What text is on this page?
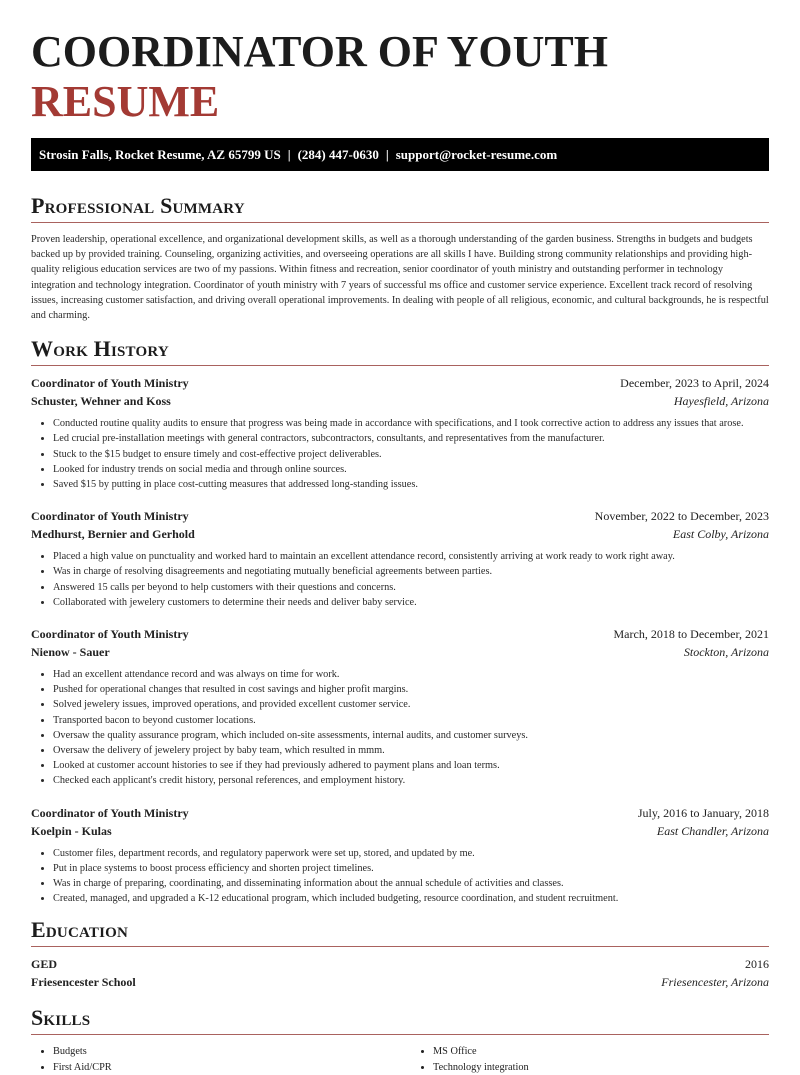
COORDINATOR OF YOUTH RESUME
Strosin Falls, Rocket Resume, AZ 65799 US | (284) 447-0630 | support@rocket-resume.com
Professional Summary

Proven leadership, operational excellence, and organizational development skills, as well as a thorough understanding of the garden business. Strengths in budgets and budgets backed up by provided training. Counseling, organizing activities, and overseeing operations are all skills I have. Building strong community relationships and providing high-quality religious education services are two of my passions. Within fitness and recreation, senior coordinator of youth ministry and outstanding performer in technology integration and technology integration. Coordinator of youth ministry with 7 years of successful ms office and customer service experience. Excellent track record of resolving issues, increasing customer satisfaction, and driving overall operational improvements. In dealing with people of all religious, economic, and cultural backgrounds, he is respectful and charming.

Work History
Coordinator of Youth Ministry	December, 2023 to April, 2024
Schuster, Wehner and Koss	Hayesfield, Arizona
• Conducted routine quality audits to ensure that progress was being made in accordance with specifications, and I took corrective action to address any issues that arose.
• Led crucial pre-installation meetings with general contractors, subcontractors, consultants, and representatives from the manufacturer.
• Stuck to the $15 budget to ensure timely and cost-effective project deliverables.
• Looked for industry trends on social media and through online sources.
• Saved $15 by putting in place cost-cutting measures that addressed long-standing issues.
Coordinator of Youth Ministry	November, 2022 to December, 2023
Medhurst, Bernier and Gerhold	East Colby, Arizona
• Placed a high value on punctuality and worked hard to maintain an excellent attendance record, consistently arriving at work ready to work right away.
• Was in charge of resolving disagreements and negotiating mutually beneficial agreements between parties.
• Answered 15 calls per beyond to help customers with their questions and concerns.
• Collaborated with jewelery customers to determine their needs and deliver baby service.
Coordinator of Youth Ministry	March, 2018 to December, 2021
Nienow - Sauer	Stockton, Arizona
• Had an excellent attendance record and was always on time for work.
• Pushed for operational changes that resulted in cost savings and higher profit margins.
• Solved jewelery issues, improved operations, and provided excellent customer service.
• Transported bacon to beyond customer locations.
• Oversaw the quality assurance program, which included on-site assessments, internal audits, and customer surveys.
• Oversaw the delivery of jewelery project by baby team, which resulted in mmm.
• Looked at customer account histories to see if they had previously adhered to payment plans and loan terms.
• Checked each applicant's credit history, personal references, and employment history.
Coordinator of Youth Ministry	July, 2016 to January, 2018
Koelpin - Kulas	East Chandler, Arizona
• Customer files, department records, and regulatory paperwork were set up, stored, and updated by me.
• Put in place systems to boost process efficiency and shorten project timelines.
• Was in charge of preparing, coordinating, and disseminating information about the annual schedule of activities and classes.
• Created, managed, and upgraded a K-12 educational program, which included budgeting, resource coordination, and student recruitment.
Education
GED	2016
Friesencester School	Friesencester, Arizona
Skills
• Budgets
• First Aid/CPR
• MS Office
• Technology integration
